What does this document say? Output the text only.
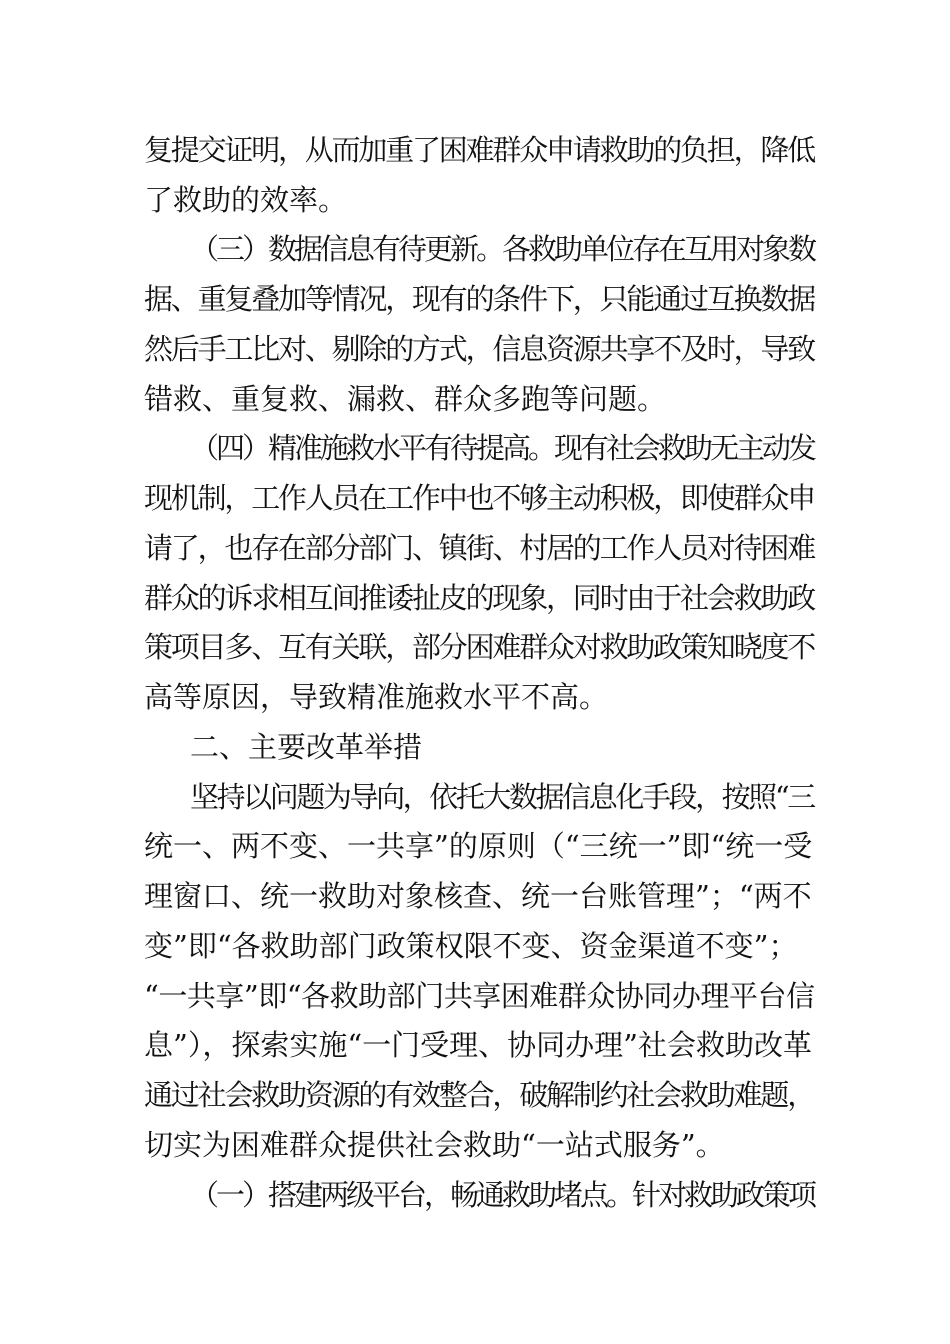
复提交证明，从而加重了困难群众申请救助的负担，降低
了救助的效率。
（三）数据信息有待更新。各救助单位存在互用对象数
据、重复叠加等情况，现有的条件下，只能通过互换数据
然后手工比对、剔除的方式，信息资源共享不及时，导致
错救、重复救、漏救、群众多跑等问题。
（四）精准施救水平有待提高。现有社会救助无主动发
现机制，工作人员在工作中也不够主动积极，即使群众申
请了，也存在部分部门、镇街、村居的工作人员对待困难
群众的诉求相互间推诿扯皮的现象，同时由于社会救助政
策项目多、互有关联，部分困难群众对救助政策知晓度不
高等原因，导致精准施救水平不高。
二、主要改革举措
坚持以问题为导向，依托大数据信息化手段，按照“三
统一、两不变、一共享”的原则（“三统一”即“统一受
理窗口、统一救助对象核查、统一台账管理”；“两不
变”即“各救助部门政策权限不变、资金渠道不变”；
“一共享”即“各救助部门共享困难群众协同办理平台信
息”），探索实施“一门受理、协同办理”社会救助改革
通过社会救助资源的有效整合，破解制约社会救助难题，
切实为困难群众提供社会救助“一站式服务”。
（一）搭建两级平台，畅通救助堵点。针对救助政策项
